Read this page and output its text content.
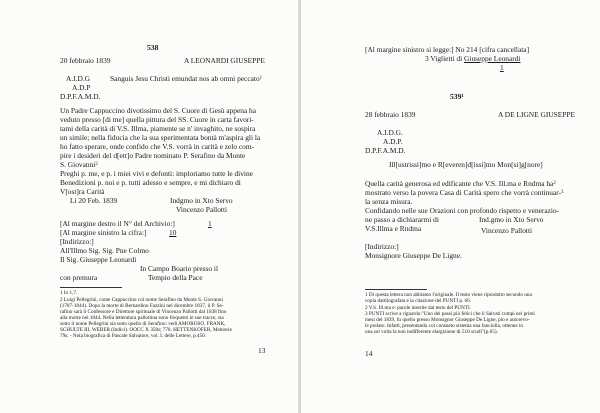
538
20 febbraio 1839	A LEONARDI GIUSEPPE
A.I.D.G	Sanguis Jesu Christi emundat nos ab omni peccato$^1$
A.D.P
D.P.F.A.M.D.
Un Padre Cappuccino divotissimo del S. Cuore di Gesù appena ha
veduto presso [di me] quella pittura del SS. Cuore in carta favori-
tami della carità di V.S. Illma, piamente se n' invaghito, ne sospira
un simile; nella fiducia che la sua sperimentata bontà m'aspira gli la
ho fatto sperare, onde confido che V.S. vorrà in carità e zelo com-
pire i desideri del d[ett]o Padre nominato P. Serafino da Monte
S. Giovanni$^2$
Preghi p. me, e p. i miei vivi e defonti: imploriamo tutte le divine
Benedizioni p. noi e p. tutti adesso e sempre, e mi dichiaro di
V[ost]ra Carità
Li 20 Feb. 1839	Indgmo in Xto Servo
Vincenzo Pallotti
[Al margine destro il N° del Archivio:]	1
[Al margine sinistro la cifra:]	10
[Indirizzo:]
All'Illmo Sig. Sig. Pne Colmo
Il Sig. Giuseppe Leonardi
In Campo Boario presso il
con premura	Tempio della Pace
1 Io 1,7.
2 Luigi Pellegrini, come Cappuccino col nome Serafino da Monte S. Giovanni
(1787-1844). Dopo la morte di Bernardino Fazzini nel dicembre 1837, il P. Se-
rafino sarà il Confessore e Direttore spirituale di Vincenzo Pallotti dal 1838 fino
alla morte nel 1844. Nella letteratura pallottina sono frequenti le sue tracce, sia
sotto il nome Pellegrini sia sotto quello di Serafino: vedi AMOROSO, FRANK,
SCHULTE III, WEBER (Indici). OOCC X 358s; 770. HETTENKOFER, Memorie
79s. - Nota biografica di Pascale Salvatore, vol. I. delle Lettere, p.450.
13
[Al margine sinistro si legge:] No 214 [cifra cancellata]
3 Viglietti di Giuseppe Leonardi
1
$539^1$
28 febbraio 1839	A DE LIGNE GIUSEPPE
A.I.D.G.
A.D.P.
D.P.F.A.M.D.
Ill[ustrissi]mo e R[everen]d[issi]mo Mon[si]g[nore]
Quella carità generosa ed edificante che V.S. Ill.ma e Rndma $ha^2$
mostrato verso la povera Casa di Carità spero che vorrà continuar-$^3$
la senza misura.
Confidando nelle sue Orazioni con profondo rispetto e venerazio-
ne passo a dichiararmi di
V.S.Illma e Rndma
Ind.gmo in Xto Servo
Vincenzo Pallotti
[Indirizzo:]
Monsignore Giuseppe De Ligne.
1 Di questa lettera non abbiamo l'originale. Il testo viene riprodotto secondo una
copia dattilografata e la citazione del PUNTI p. 66.
2 V.S. Ill.ma e: parole inserite dal testo del PUNTI.
3 PUNTI scrive a riguardo:"Uno dei passi più felici che il Salvati compi nei primi
mesi del 1839, fu quello presso Monsignor Giuseppe De Ligne, pio e autorevo-
le prelato. Infatti, presentando col consueto sistema una fanciulla, ottenne in
una sol volta la non indifferente elargizione di 510 scudi"(p.65).
14
